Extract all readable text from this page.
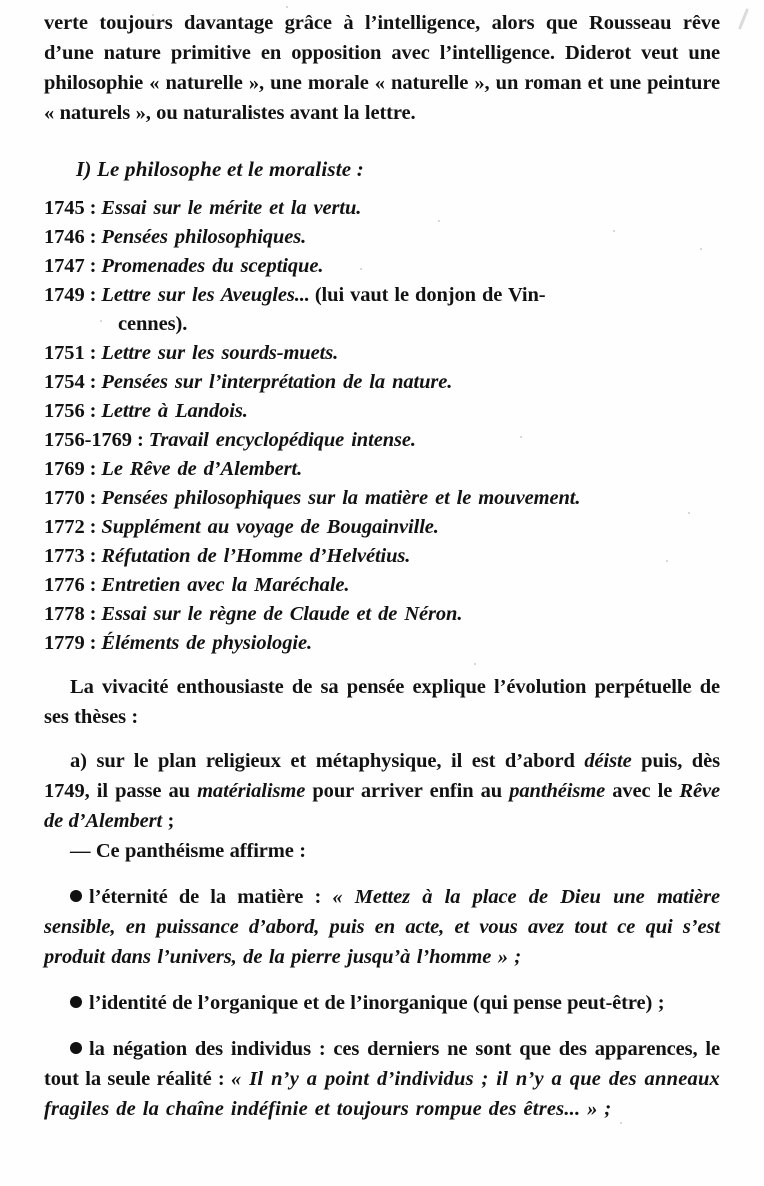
verte toujours davantage grâce à l’intelligence, alors que Rousseau rêve d’une nature primitive en opposition avec l’intelligence. Diderot veut une philosophie « naturelle », une morale « naturelle », un roman et une peinture « naturels », ou naturalistes avant la lettre.

I) Le philosophe et le moraliste :
1745 : Essai sur le mérite et la vertu.
1746 : Pensées philosophiques.
1747 : Promenades du sceptique.
1749 : Lettre sur les Aveugles... (lui vaut le donjon de Vin-
cennes).
1751 : Lettre sur les sourds-muets.
1754 : Pensées sur l’interprétation de la nature.
1756 : Lettre à Landois.
1756-1769 : Travail encyclopédique intense.
1769 : Le Rêve de d’Alembert.
1770 : Pensées philosophiques sur la matière et le mouvement.
1772 : Supplément au voyage de Bougainville.
1773 : Réfutation de l’Homme d’Helvétius.
1776 : Entretien avec la Maréchale.
1778 : Essai sur le règne de Claude et de Néron.
1779 : Éléments de physiologie.

La vivacité enthousiaste de sa pensée explique l’évolution perpétuelle de ses thèses :

a) sur le plan religieux et métaphysique, il est d’abord déiste puis, dès 1749, il passe au matérialisme pour arriver enfin au panthéisme avec le Rêve de d’Alembert ;

— Ce panthéisme affirme :

l’éternité de la matière : « Mettez à la place de Dieu une matière sensible, en puissance d’abord, puis en acte, et vous avez tout ce qui s’est produit dans l’univers, de la pierre jusqu’à l’homme » ;

l’identité de l’organique et de l’inorganique (qui pense peut-être) ;

la négation des individus : ces derniers ne sont que des apparences, le tout la seule réalité : « Il n’y a point d’individus ; il n’y a que des anneaux fragiles de la chaîne indéfinie et toujours rompue des êtres... » ;
